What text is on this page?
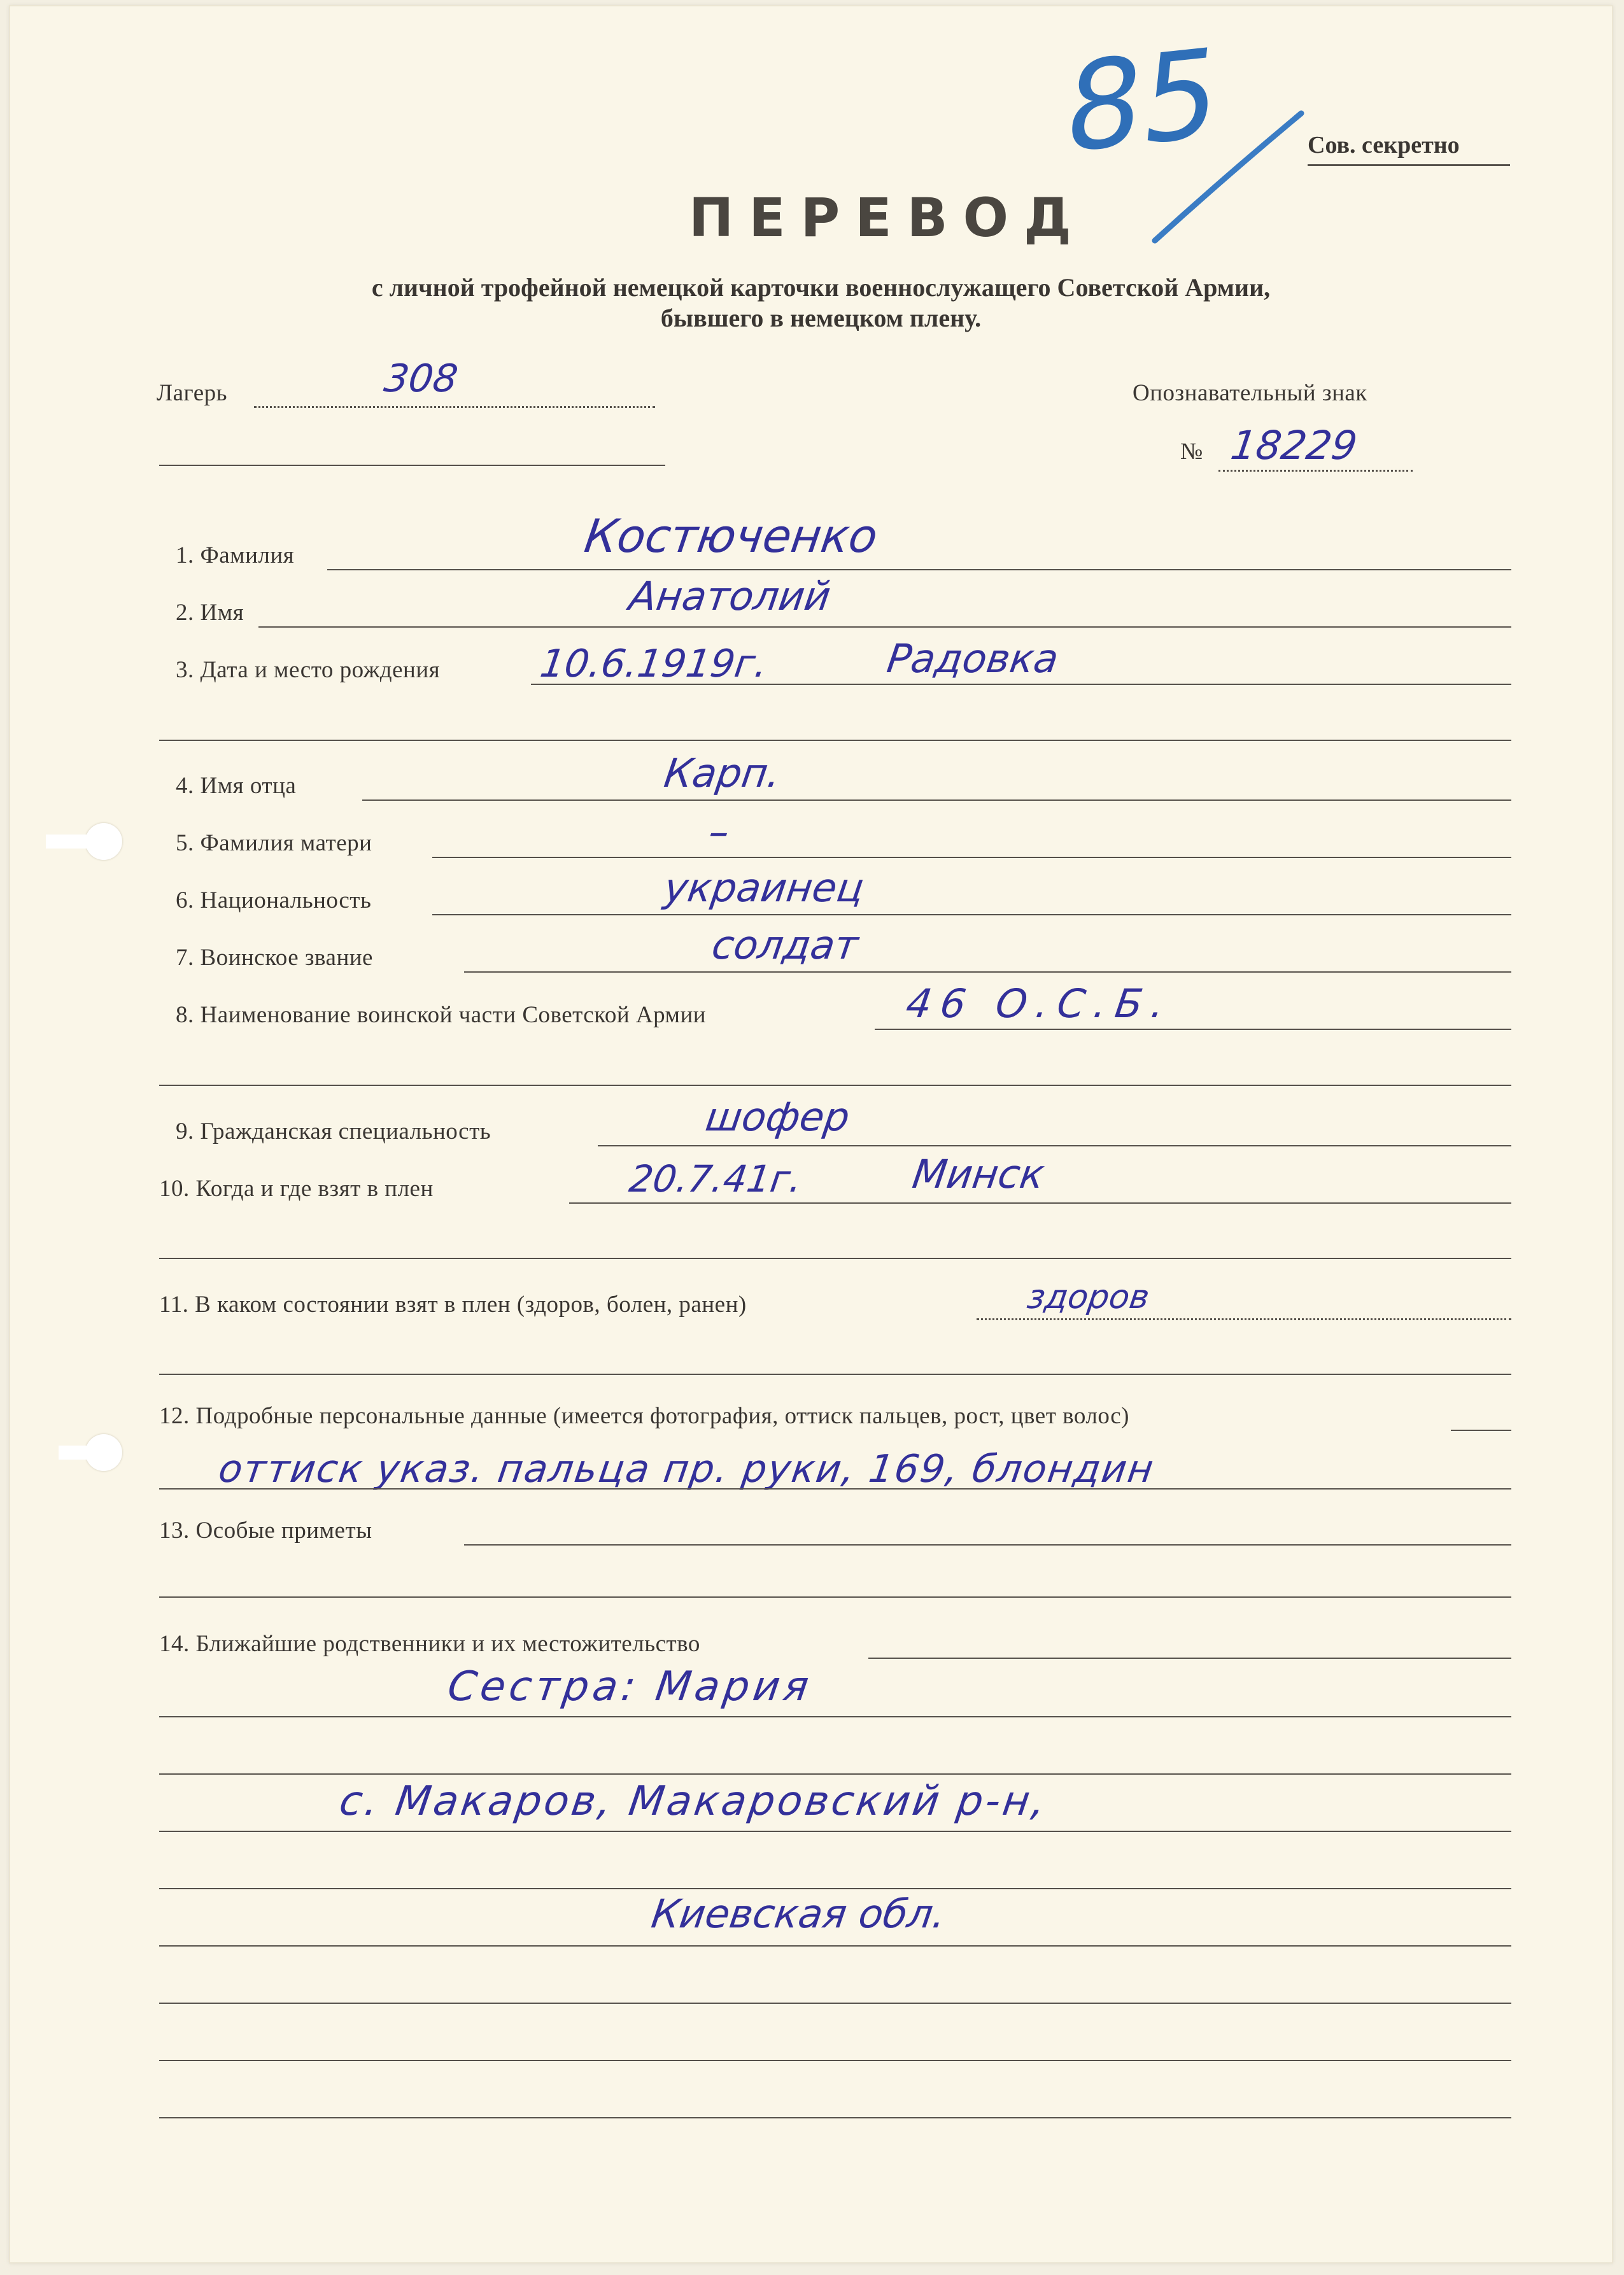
85	Сов. секретно
ПЕРЕВОД
с личной трофейной немецкой карточки военнослужащего Советской Армии,
бывшего в немецком плену.
Лагерь	308	Опознавательный знак
№ 18229
1. Фамилия	Костюченко
2. Имя	Анатолий
3. Дата и место рождения	10.6.1919г.	Радовка
4. Имя отца	Карп.
5. Фамилия матери	–
6. Национальность	украинец
7. Воинское звание	солдат
8. Наименование воинской части Советской Армии	46 О.С.Б.
9. Гражданская специальность	шофер
10. Когда и где взят в плен	20.7.41г.	Минск
11. В каком состоянии взят в плен (здоров, болен, ранен)	здоров
12. Подробные персональные данные (имеется фотография, оттиск пальцев, рост, цвет волос)
оттиск указ. пальца пр. руки, 169, блондин
13. Особые приметы
14. Ближайшие родственники и их местожительство
Сестра: Мария
с. Макаров, Макаровский р-н,
Киевская обл.
